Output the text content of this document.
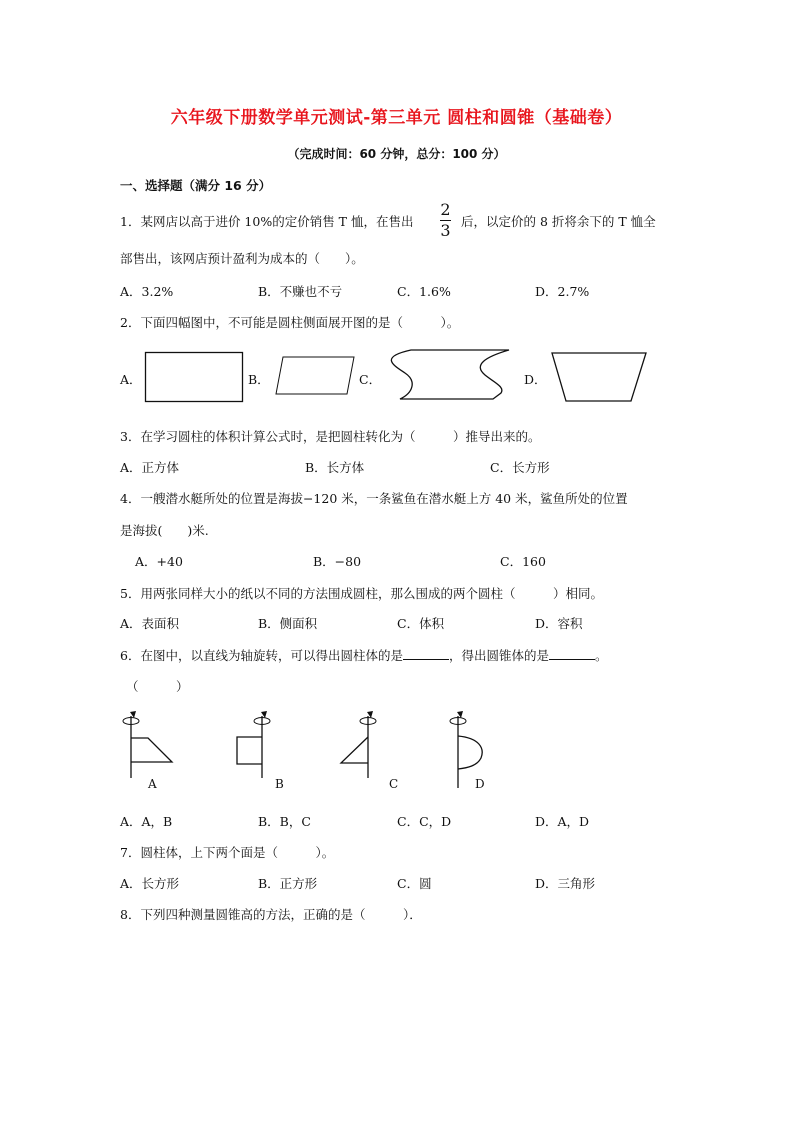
六年级下册数学单元测试-第三单元 圆柱和圆锥（基础卷）
（完成时间：60 分钟，总分：100 分）
一、选择题（满分 16 分）
1．某网店以高于进价 10%的定价销售 T 恤，在售出
2
3 后，以定价的 8 折将余下的 T 恤全
部售出，该网店预计盈利为成本的（　　）。
A．3.2%	B．不赚也不亏	C．1.6%	D．2.7%
2．下面四幅图中，不可能是圆柱侧面展开图的是（　　　）。
A．	B．	C．	D．
3．在学习圆柱的体积计算公式时，是把圆柱转化为（　　　）推导出来的。
A．正方体	B．长方体	C．长方形
4．一艘潜水艇所处的位置是海拔−120 米，一条鲨鱼在潜水艇上方 40 米，鲨鱼所处的位置
是海拔(　　)米.
A．+40	B．−80	C．160
5．用两张同样大小的纸以不同的方法围成圆柱，那么围成的两个圆柱（　　　）相同。
A．表面积	B．侧面积	C．体积	D．容积
6．在图中，以直线为轴旋转，可以得出圆柱体的是	，得出圆锥体的是	。
（　　　）
A	B	C	D
A．A，B	B．B，C	C．C，D	D．A，D
7．圆柱体，上下两个面是（　　　）。
A．长方形	B．正方形	C．圆	D．三角形
8．下列四种测量圆锥高的方法，正确的是（　　　）．
